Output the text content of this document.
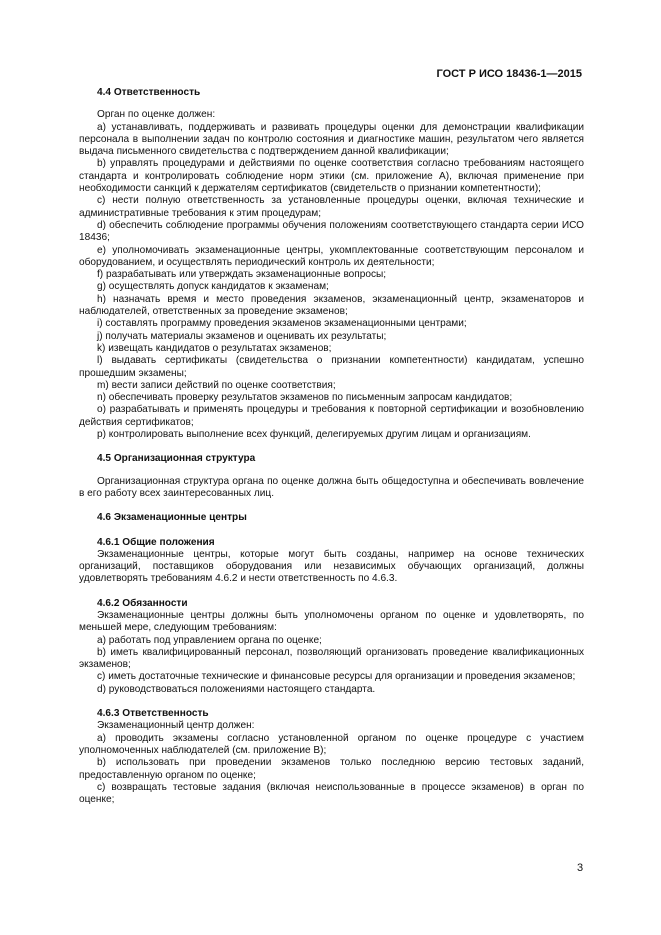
ГОСТ Р ИСО 18436-1—2015

4.4 Ответственность

Орган по оценке должен:

a) устанавливать, поддерживать и развивать процедуры оценки для демонстрации квалификации персонала в выполнении задач по контролю состояния и диагностике машин, результатом чего является выдача письменного свидетельства с подтверждением данной квалификации;

b) управлять процедурами и действиями по оценке соответствия согласно требованиям настоящего стандарта и контролировать соблюдение норм этики (см. приложение А), включая применение при необходимости санкций к держателям сертификатов (свидетельств о признании компетентности);

c) нести полную ответственность за установленные процедуры оценки, включая технические и административные требования к этим процедурам;

d) обеспечить соблюдение программы обучения положениям соответствующего стандарта серии ИСО 18436;

e) уполномочивать экзаменационные центры, укомплектованные соответствующим персоналом и оборудованием, и осуществлять периодический контроль их деятельности;

f) разрабатывать или утверждать экзаменационные вопросы;

g) осуществлять допуск кандидатов к экзаменам;

h) назначать время и место проведения экзаменов, экзаменационный центр, экзаменаторов и наблюдателей, ответственных за проведение экзаменов;

i) составлять программу проведения экзаменов экзаменационными центрами;

j) получать материалы экзаменов и оценивать их результаты;

k) извещать кандидатов о результатах экзаменов;

l) выдавать сертификаты (свидетельства о признании компетентности) кандидатам, успешно прошедшим экзамены;

m) вести записи действий по оценке соответствия;

n) обеспечивать проверку результатов экзаменов по письменным запросам кандидатов;

o) разрабатывать и применять процедуры и требования к повторной сертификации и возобновлению действия сертификатов;

p) контролировать выполнение всех функций, делегируемых другим лицам и организациям.

4.5 Организационная структура

Организационная структура органа по оценке должна быть общедоступна и обеспечивать вовлечение в его работу всех заинтересованных лиц.

4.6 Экзаменационные центры

4.6.1 Общие положения

Экзаменационные центры, которые могут быть созданы, например на основе технических организаций, поставщиков оборудования или независимых обучающих организаций, должны удовлетворять требованиям 4.6.2 и нести ответственность по 4.6.3.

4.6.2 Обязанности

Экзаменационные центры должны быть уполномочены органом по оценке и удовлетворять, по меньшей мере, следующим требованиям:

a) работать под управлением органа по оценке;

b) иметь квалифицированный персонал, позволяющий организовать проведение квалификационных экзаменов;

c) иметь достаточные технические и финансовые ресурсы для организации и проведения экзаменов;

d) руководствоваться положениями настоящего стандарта.

4.6.3 Ответственность

Экзаменационный центр должен:

a) проводить экзамены согласно установленной органом по оценке процедуре с участием уполномоченных наблюдателей (см. приложение В);

b) использовать при проведении экзаменов только последнюю версию тестовых заданий, предоставленную органом по оценке;

c) возвращать тестовые задания (включая неиспользованные в процессе экзаменов) в орган по оценке;

3
